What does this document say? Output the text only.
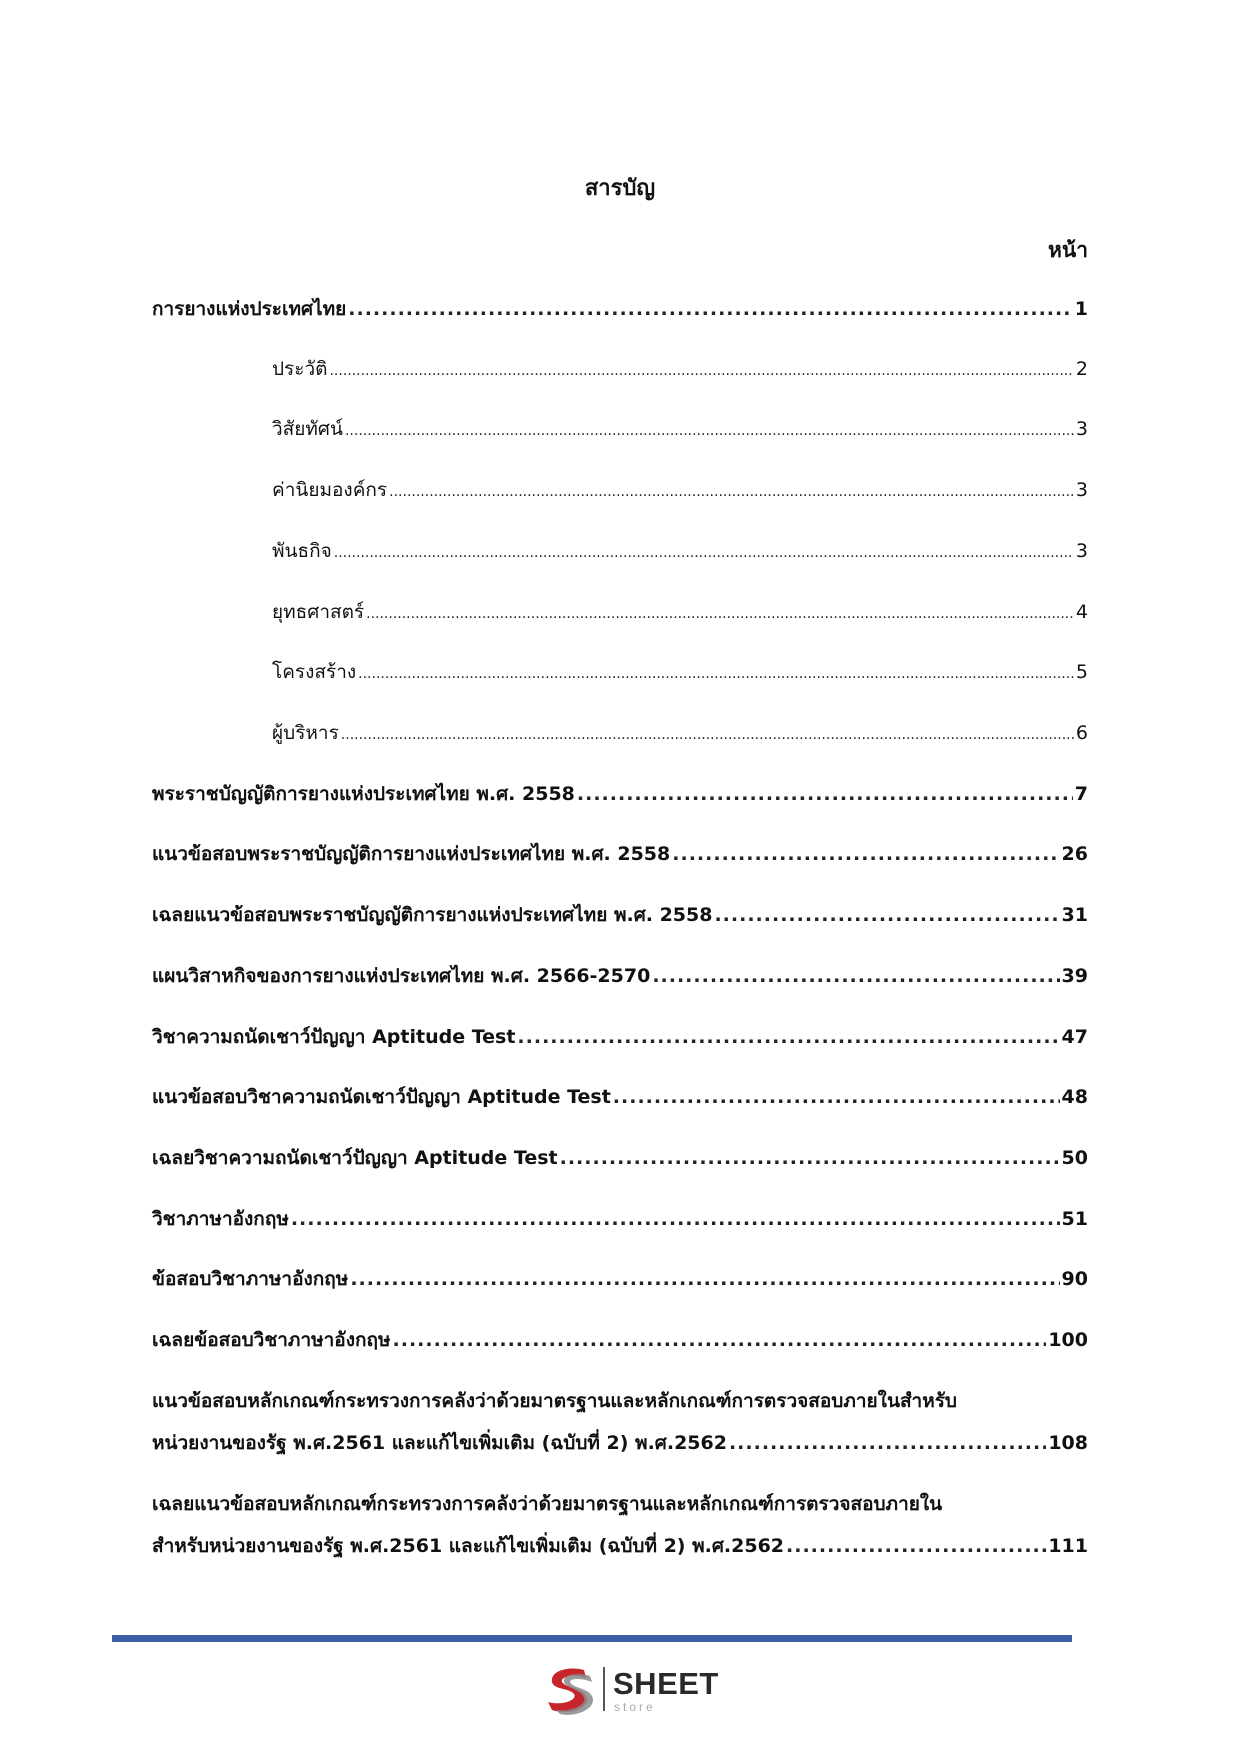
สารบัญ
หน้า
การยางแห่งประเทศไทย .....	1
ประวัติ .....	2
วิสัยทัศน์ .....	3
ค่านิยมองค์กร .....	3
พันธกิจ .....	3
ยุทธศาสตร์ .....	4
โครงสร้าง .....	5
ผู้บริหาร .....	6
พระราชบัญญัติการยางแห่งประเทศไทย พ.ศ. 2558 .....	7
แนวข้อสอบพระราชบัญญัติการยางแห่งประเทศไทย พ.ศ. 2558 .....	26
เฉลยแนวข้อสอบพระราชบัญญัติการยางแห่งประเทศไทย พ.ศ. 2558 .....	31
แผนวิสาหกิจของการยางแห่งประเทศไทย พ.ศ. 2566-2570 .....	39
วิชาความถนัดเชาว์ปัญญา Aptitude Test .....	47
แนวข้อสอบวิชาความถนัดเชาว์ปัญญา Aptitude Test .....	48
เฉลยวิชาความถนัดเชาว์ปัญญา Aptitude Test .....	50
วิชาภาษาอังกฤษ .....	51
ข้อสอบวิชาภาษาอังกฤษ .....	90
เฉลยข้อสอบวิชาภาษาอังกฤษ .....	100
แนวข้อสอบหลักเกณฑ์กระทรวงการคลังว่าด้วยมาตรฐานและหลักเกณฑ์การตรวจสอบภายในสำหรับ
หน่วยงานของรัฐ พ.ศ.2561 และแก้ไขเพิ่มเติม (ฉบับที่ 2) พ.ศ.2562 .....	108
เฉลยแนวข้อสอบหลักเกณฑ์กระทรวงการคลังว่าด้วยมาตรฐานและหลักเกณฑ์การตรวจสอบภายใน
สำหรับหน่วยงานของรัฐ พ.ศ.2561 และแก้ไขเพิ่มเติม (ฉบับที่ 2) พ.ศ.2562 .....	111
SHEET
store
